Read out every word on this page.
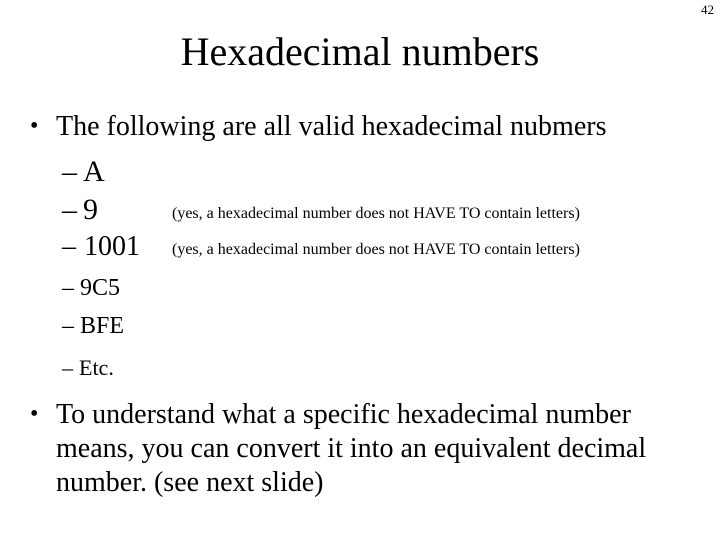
42
Hexadecimal numbers
• The following are all valid hexadecimal nubmers
– A
– 9	(yes, a hexadecimal number does not HAVE TO contain letters)
– 1001 (yes, a hexadecimal number does not HAVE TO contain letters)
– 9C5
– BFE
– Etc.
• To understand what a specific hexadecimal number means, you can convert it into an equivalent decimal number. (see next slide)
